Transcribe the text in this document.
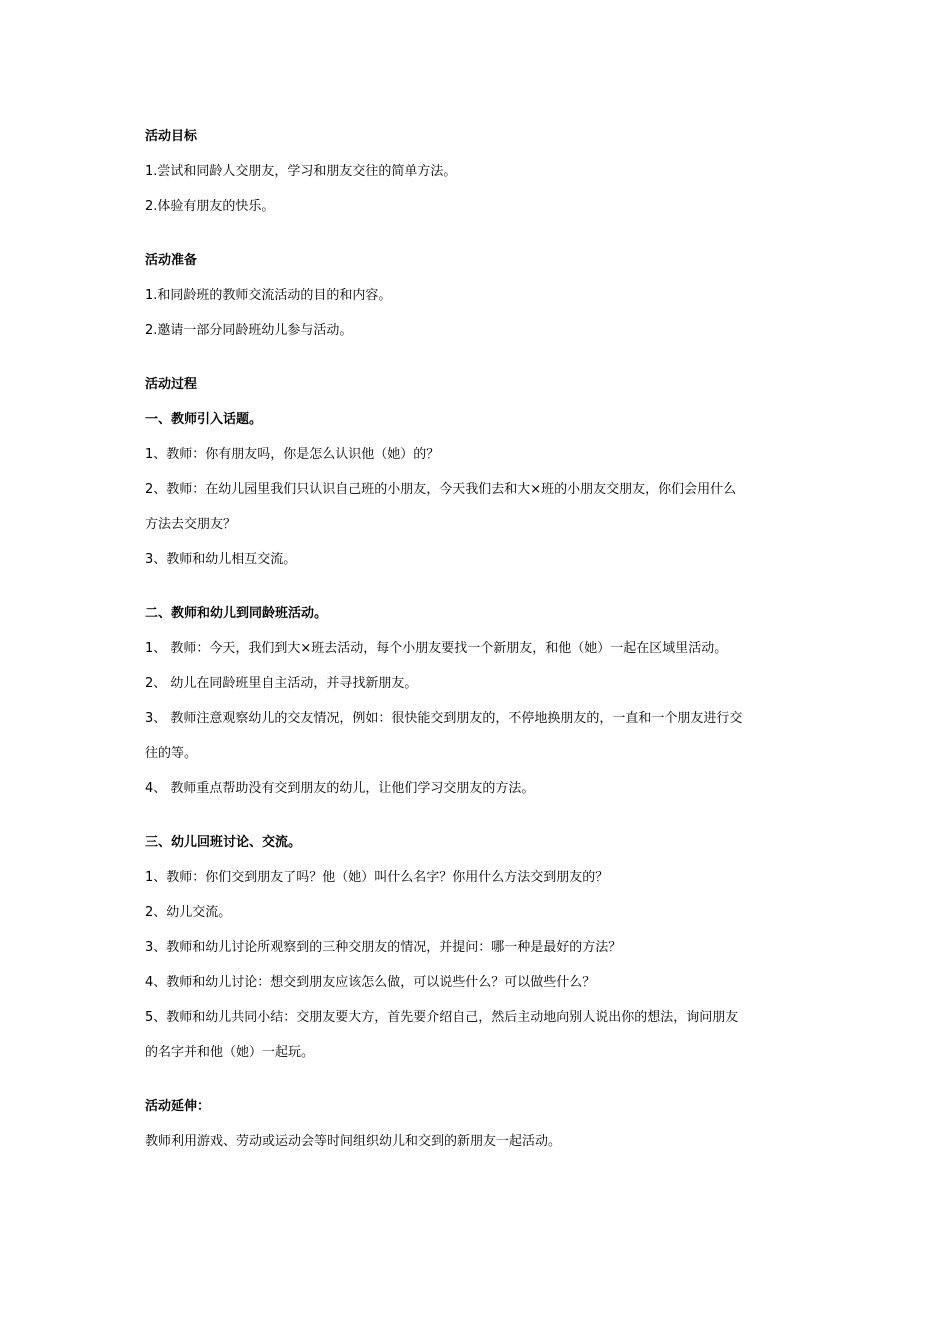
活动目标
1.尝试和同龄人交朋友，学习和朋友交往的简单方法。
2.体验有朋友的快乐。
活动准备
1.和同龄班的教师交流活动的目的和内容。
2.邀请一部分同龄班幼儿参与活动。
活动过程
一、教师引入话题。
1、教师：你有朋友吗，你是怎么认识他（她）的？
2、教师：在幼儿园里我们只认识自己班的小朋友，今天我们去和大×班的小朋友交朋友，你们会用什么
方法去交朋友？
3、教师和幼儿相互交流。
二、教师和幼儿到同龄班活动。
1、 教师：今天，我们到大×班去活动，每个小朋友要找一个新朋友，和他（她）一起在区域里活动。
2、 幼儿在同龄班里自主活动，并寻找新朋友。
3、 教师注意观察幼儿的交友情况，例如：很快能交到朋友的，不停地换朋友的，一直和一个朋友进行交
往的等。
4、 教师重点帮助没有交到朋友的幼儿，让他们学习交朋友的方法。
三、幼儿回班讨论、交流。
1、教师：你们交到朋友了吗？他（她）叫什么名字？你用什么方法交到朋友的？
2、幼儿交流。
3、教师和幼儿讨论所观察到的三种交朋友的情况，并提问：哪一种是最好的方法？
4、教师和幼儿讨论：想交到朋友应该怎么做，可以说些什么？可以做些什么？
5、教师和幼儿共同小结：交朋友要大方，首先要介绍自己，然后主动地向别人说出你的想法，询问朋友
的名字并和他（她）一起玩。
活动延伸：
教师利用游戏、劳动或运动会等时间组织幼儿和交到的新朋友一起活动。
